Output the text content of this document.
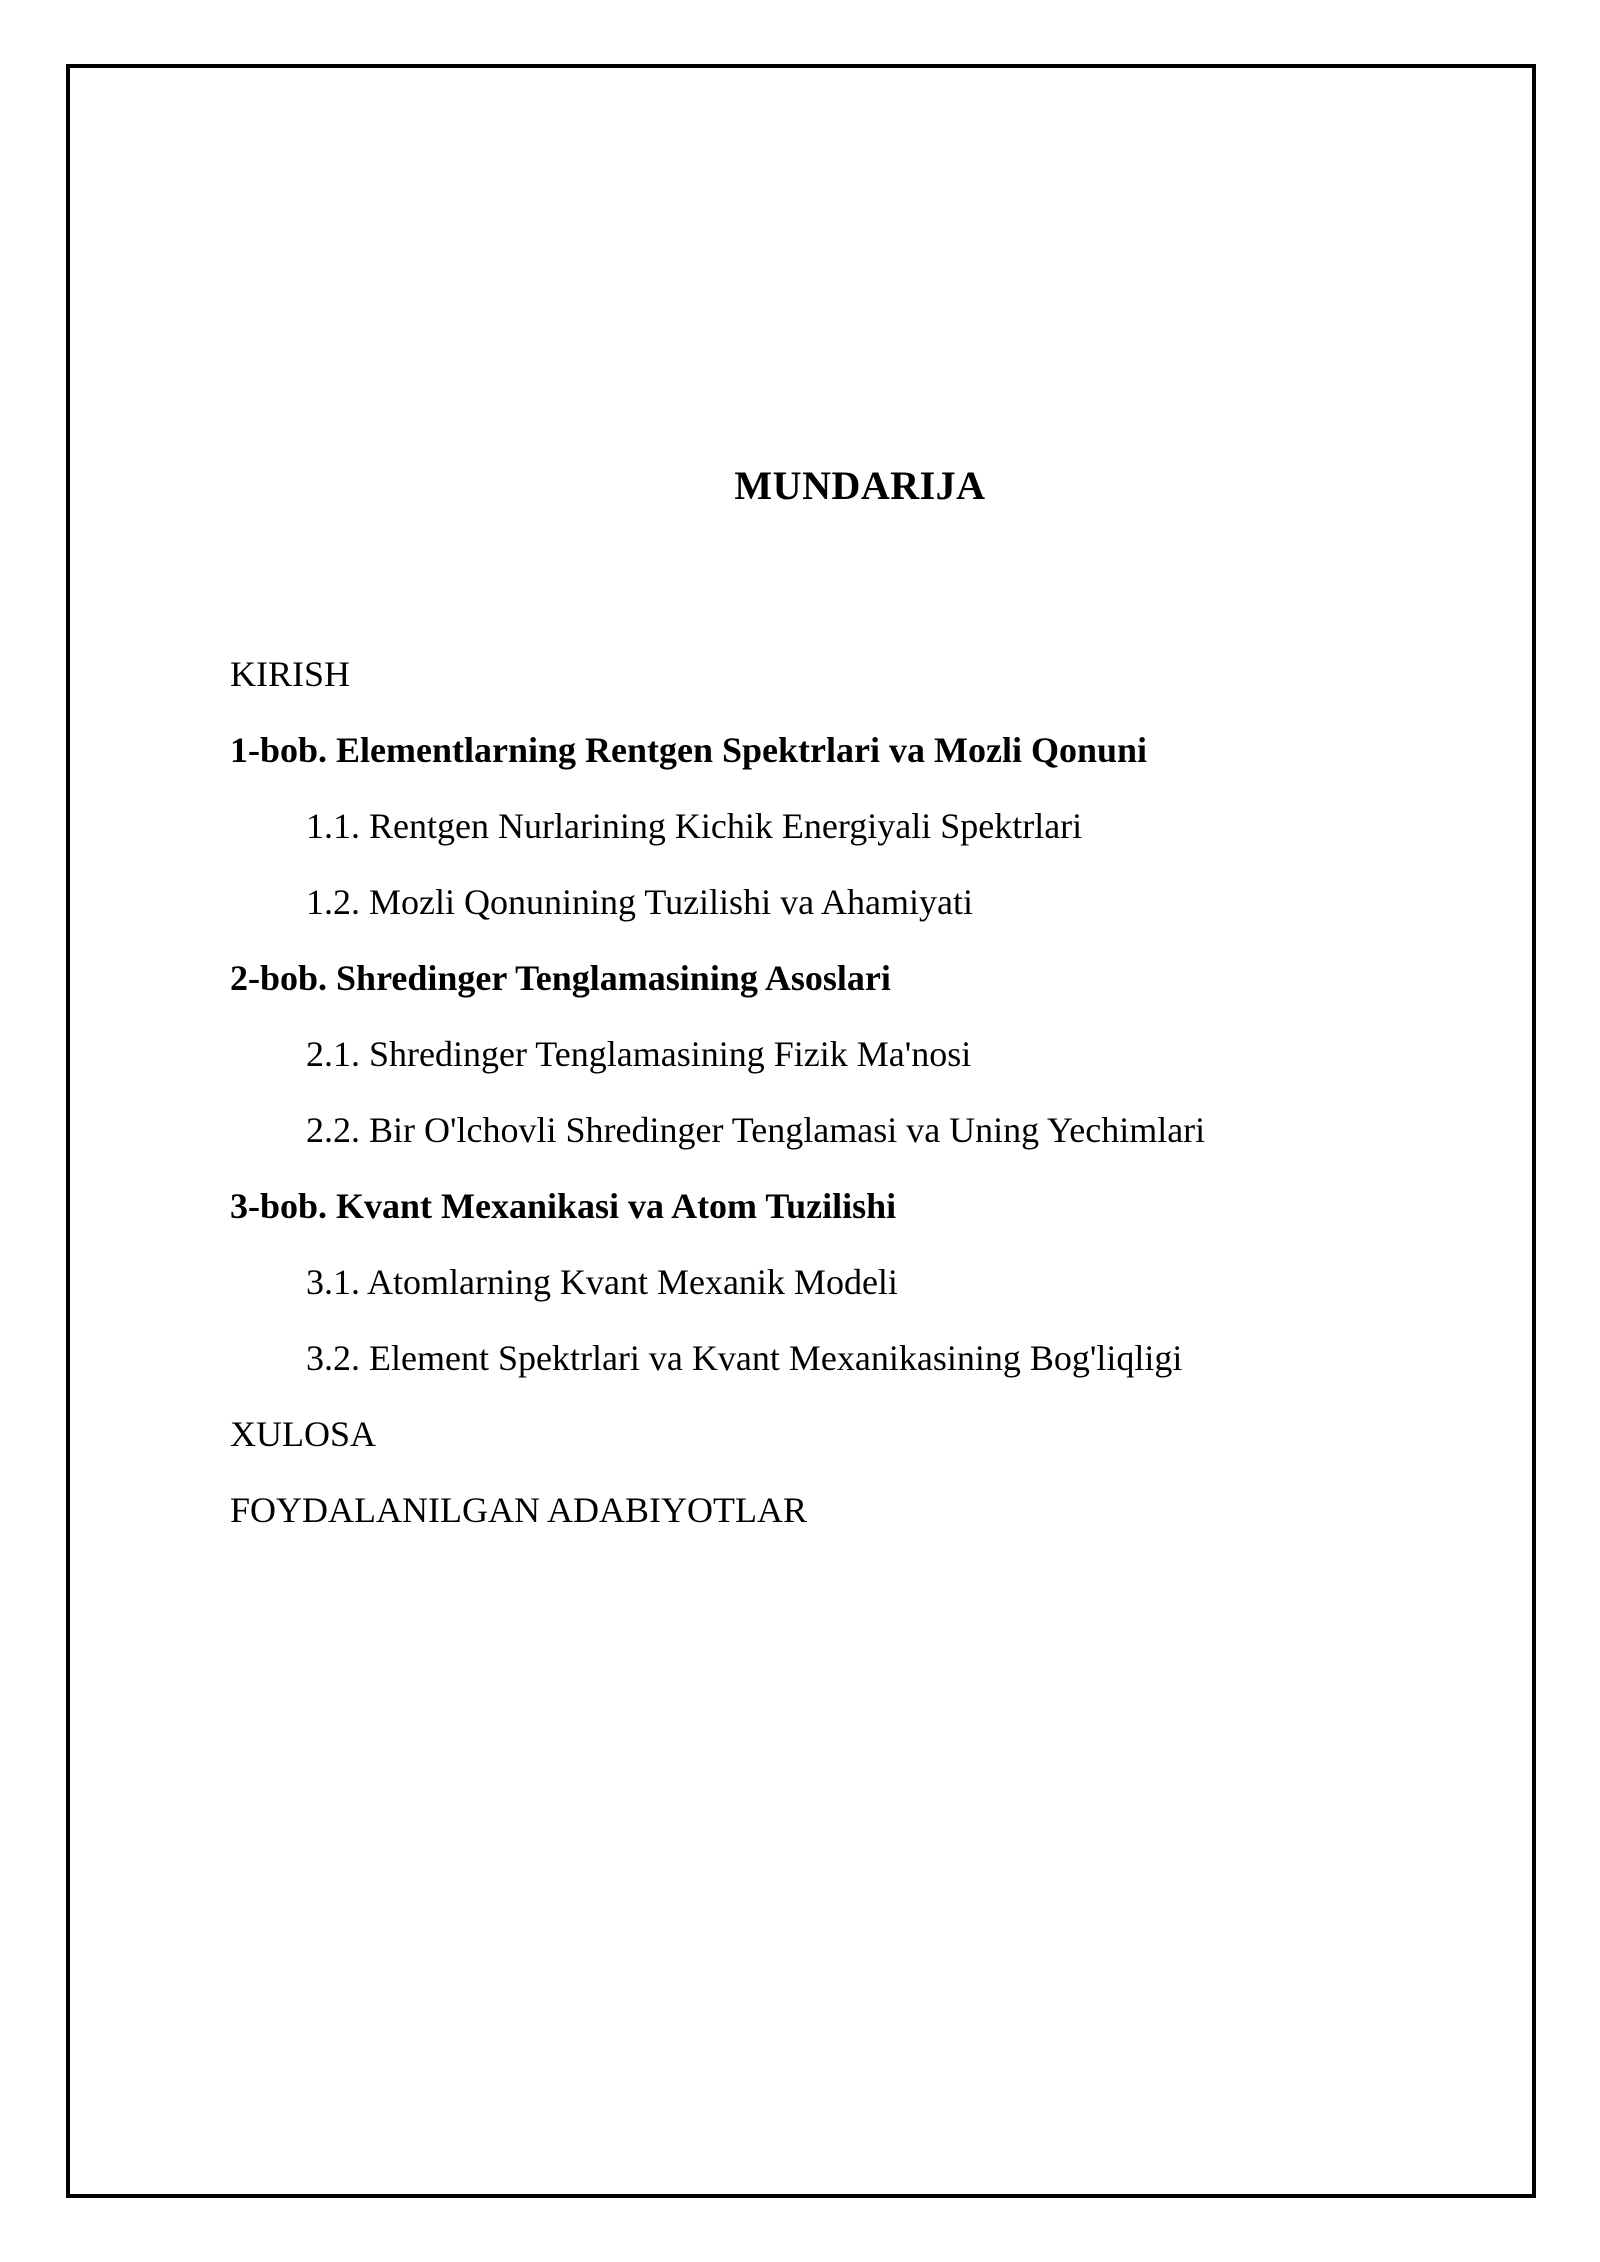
MUNDARIJA
KIRISH
1-bob. Elementlarning Rentgen Spektrlari va Mozli Qonuni
1.1. Rentgen Nurlarining Kichik Energiyali Spektrlari
1.2. Mozli Qonunining Tuzilishi va Ahamiyati
2-bob. Shredinger Tenglamasining Asoslari
2.1. Shredinger Tenglamasining Fizik Ma'nosi
2.2. Bir O'lchovli Shredinger Tenglamasi va Uning Yechimlari
3-bob. Kvant Mexanikasi va Atom Tuzilishi
3.1. Atomlarning Kvant Mexanik Modeli
3.2. Element Spektrlari va Kvant Mexanikasining Bog'liqligi
XULOSA
FOYDALANILGAN ADABIYOTLAR
